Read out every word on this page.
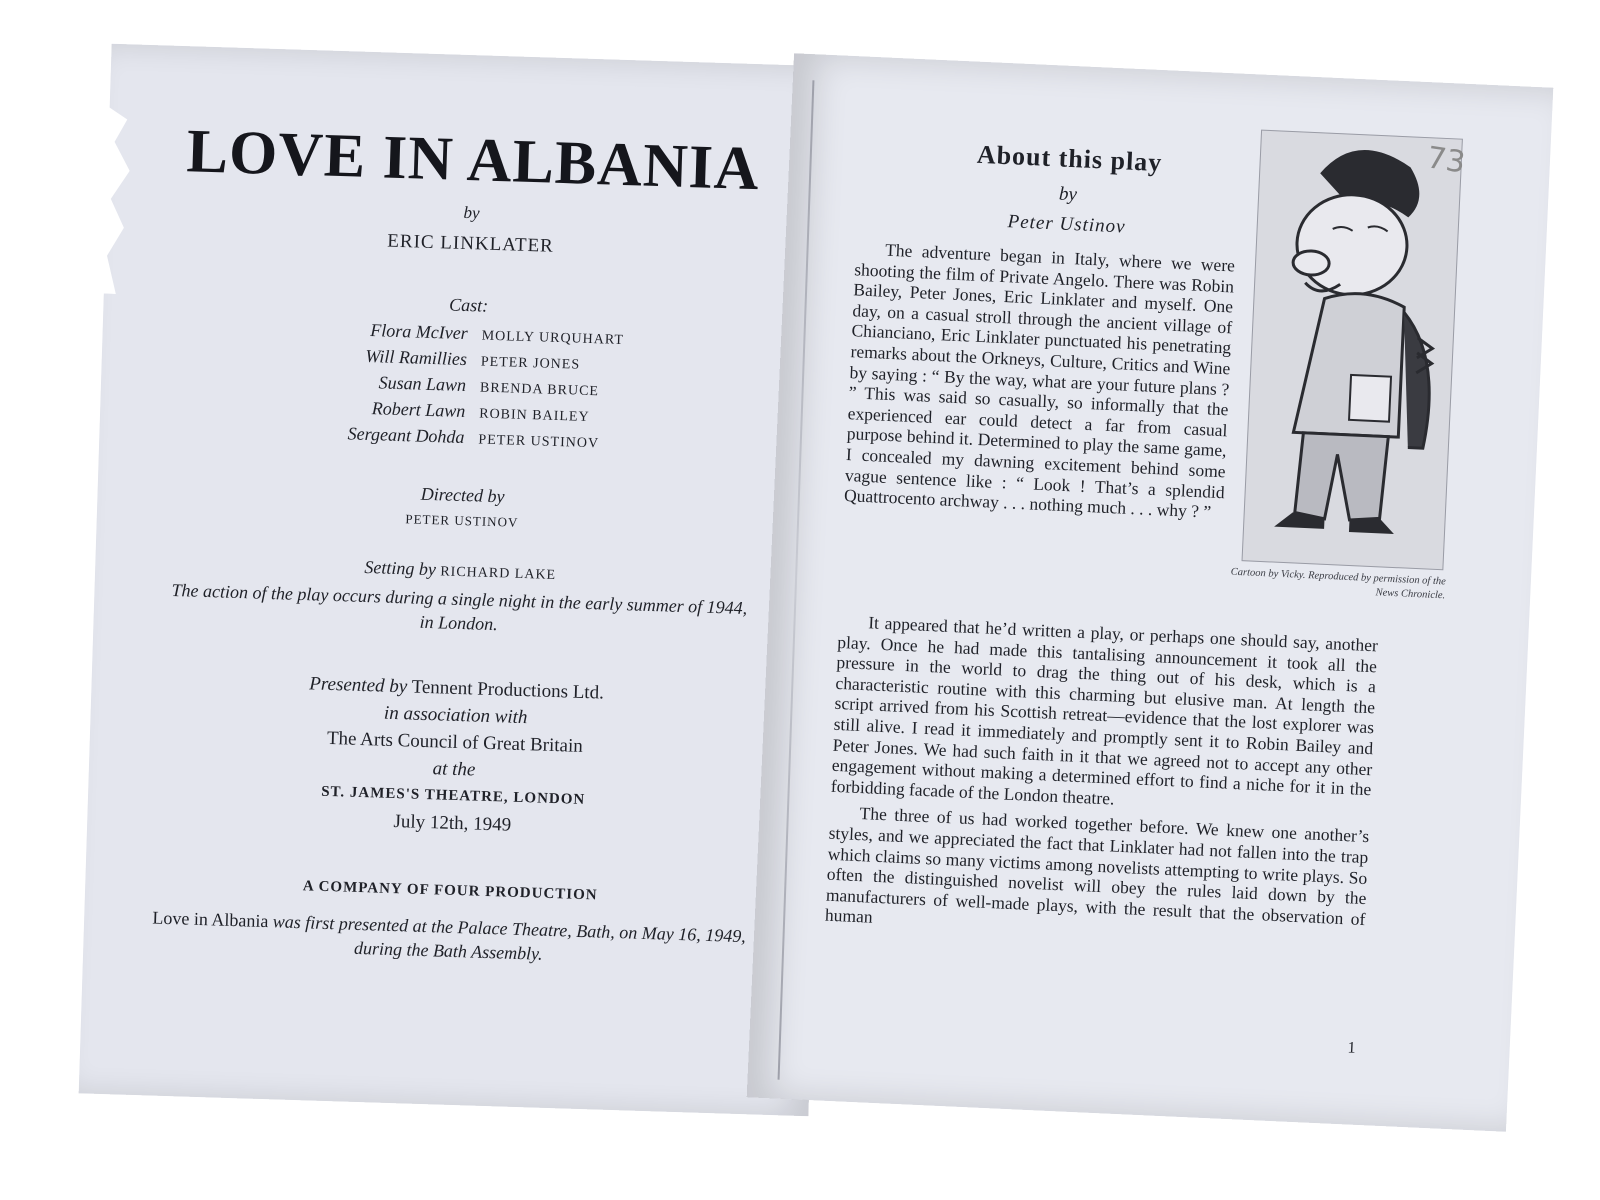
LOVE IN ALBANIA
by
ERIC LINKLATER
Cast:
Flora McIver MOLLY URQUHART
Will Ramillies PETER JONES
Susan Lawn BRENDA BRUCE
Robert Lawn ROBIN BAILEY
Sergeant Dohda PETER USTINOV
Directed by
PETER USTINOV
Setting by RICHARD LAKE
The action of the play occurs during a single night in the early summer of 1944, in London.
Presented by Tennent Productions Ltd.
in association with
The Arts Council of Great Britain
at the
ST. JAMES'S THEATRE, LONDON
July 12th, 1949
A COMPANY OF FOUR PRODUCTION
Love in Albania was first presented at the Palace Theatre, Bath, on May 16, 1949, during the Bath Assembly.
About this play
by
Peter Ustinov
73
Cartoon by Vicky. Reproduced by permission of the News Chronicle.

The adventure began in Italy, where we were shooting the film of Private Angelo. There was Robin Bailey, Peter Jones, Eric Linklater and myself. One day, on a casual stroll through the ancient village of Chianciano, Eric Linklater punctuated his penetrating remarks about the Orkneys, Culture, Critics and Wine by saying : “ By the way, what are your future plans ? ” This was said so casually, so informally that the experienced ear could detect a far from casual purpose behind it. Determined to play the same game, I concealed my dawning excitement behind some vague sentence like : “ Look ! That’s a splendid Quattrocento archway . . . nothing much . . . why ? ”

It appeared that he’d written a play, or perhaps one should say, another play. Once he had made this tantalising announcement it took all the pressure in the world to drag the thing out of his desk, which is a characteristic routine with this charming but elusive man. At length the script arrived from his Scottish retreat—evidence that the lost explorer was still alive. I read it immediately and promptly sent it to Robin Bailey and Peter Jones. We had such faith in it that we agreed not to accept any other engagement without making a determined effort to find a niche for it in the forbidding facade of the London theatre.

The three of us had worked together before. We knew one another’s styles, and we appreciated the fact that Linklater had not fallen into the trap which claims so many victims among novelists attempting to write plays. So often the distinguished novelist will obey the rules laid down by the manufacturers of well-made plays, with the result that the observation of human

1
